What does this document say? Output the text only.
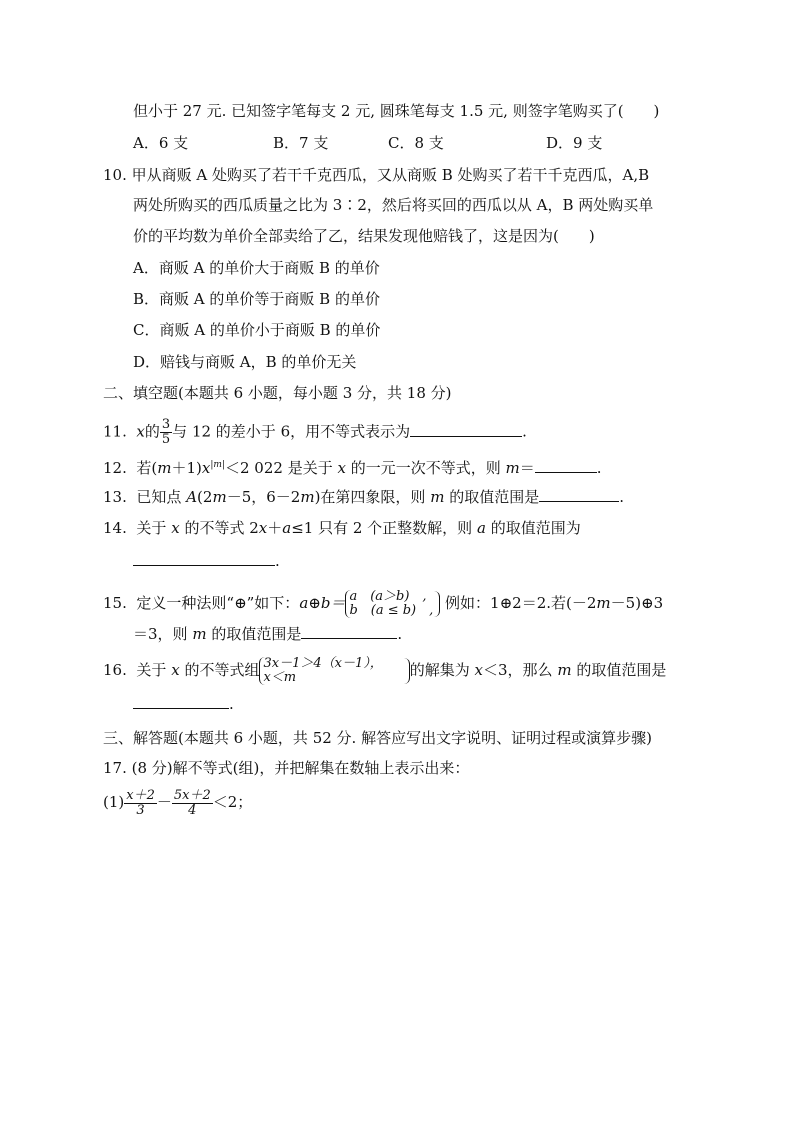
但小于 27 元. 已知签字笔每支 2 元, 圆珠笔每支 1.5 元, 则签字笔购买了(　　)
A．6 支	B．7 支	C．8 支	D．9 支
10. 甲从商贩 A 处购买了若干千克西瓜，又从商贩 B 处购买了若干千克西瓜，A,B
两处所购买的西瓜质量之比为 3∶2，然后将买回的西瓜以从 A，B 两处购买单
价的平均数为单价全部卖给了乙，结果发现他赔钱了，这是因为(　　)
A．商贩 A 的单价大于商贩 B 的单价
B．商贩 A 的单价等于商贩 B 的单价
C．商贩 A 的单价小于商贩 B 的单价
D．赔钱与商贩 A，B 的单价无关
二、填空题(本题共 6 小题，每小题 3 分，共 18 分)
11. x的 $\frac{3}{5}$ 与 12 的差小于 6，用不等式表示为	.
12. 若$(m+1)x^{|m|}<2$ 022 是关于 x 的一元一次不等式，则 m＝	.
13. 已知点 A(2m－5，6－2m)在第四象限，则 m 的取值范围是	.
14. 关于 x 的不等式 2x＋a≤1 只有 2 个正整数解，则 a 的取值范围为
.
15. 定义一种法则“⊕”如下：a⊕b＝ a　(a＞b)　,
b　(a ≤ b)　, 例如：1⊕2＝2.若(－2m－5)⊕3
＝3，则 m 的取值范围是	.
16. 关于 x 的不等式组 3x－1＞4（x－1），
x＜m	的解集为 x＜3，那么 m 的取值范围是
.
三、解答题(本题共 6 小题，共 52 分. 解答应写出文字说明、证明过程或演算步骤)
17. (8 分)解不等式(组)，并把解集在数轴上表示出来：
$(1) \frac{x+2}{3} - \frac{5x+2}{4} <2$；
